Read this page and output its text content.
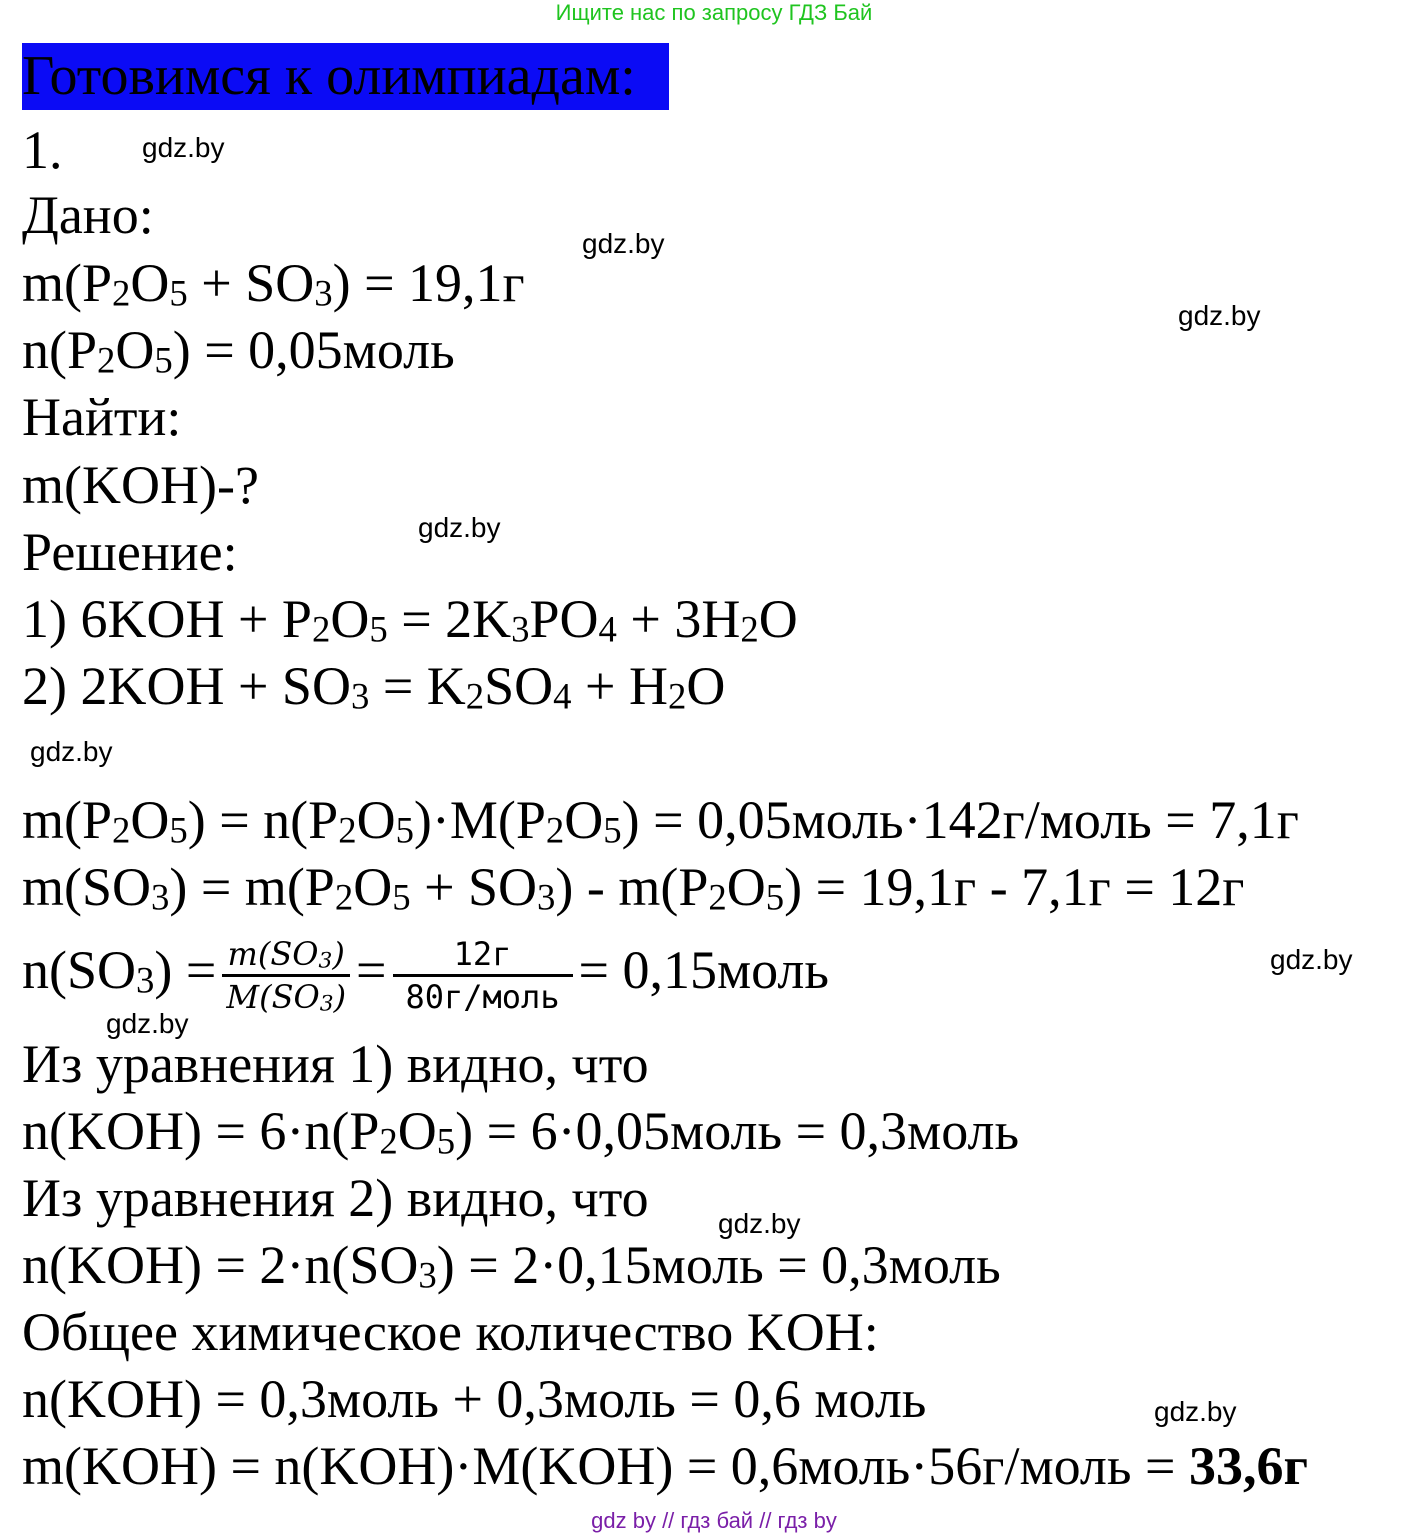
Ищите нас по запросу ГДЗ Бай
Готовимся к олимпиадам:
1.
Дано:
$m(P_2O_5 + SO_3) = 19,1г$
$n(P_2O_5)$ = 0,05моль
Найти:
m(KOH)-?
Решение:
1) $6KOH + P_2O_5 = 2K_3PO_4 + 3H_2O$
2) $2KOH + SO_3 = K_2SO_4 + H_2O$
$m(P_2O_5) = n(P_2O_5)\cdot M(P_2O_5)$ = 0,05моль·142г/моль = 7,1г
$m(SO_3) = m(P_2O_5 + SO_3) - m(P_2O_5) = 19,1г - 7,1г = 12г$
$n(SO_3) = \frac{m(SO_3)}{M(SO_3)} = \frac{12г}{\text{80г/моль}}$ = 0,15моль
Из уравнения 1) видно, что
$n(KOH) = 6\cdot n(P_2O_5)$ = 6·0,05моль = 0,3моль
Из уравнения 2) видно, что
$n(KOH) = 2\cdot n(SO_3)$ = 2·0,15моль = 0,3моль
Общее химическое количество KOH:
n(KOH) = 0,3моль + 0,3моль = 0,6 моль
m(KOH) = n(KOH)·M(KOH) = 0,6моль·56г/моль = 33,6г
gdz.by
gdz.by
gdz.by
gdz.by
gdz.by
gdz.by
gdz.by
gdz.by
gdz.by
gdz by // гдз бай // гдз by
